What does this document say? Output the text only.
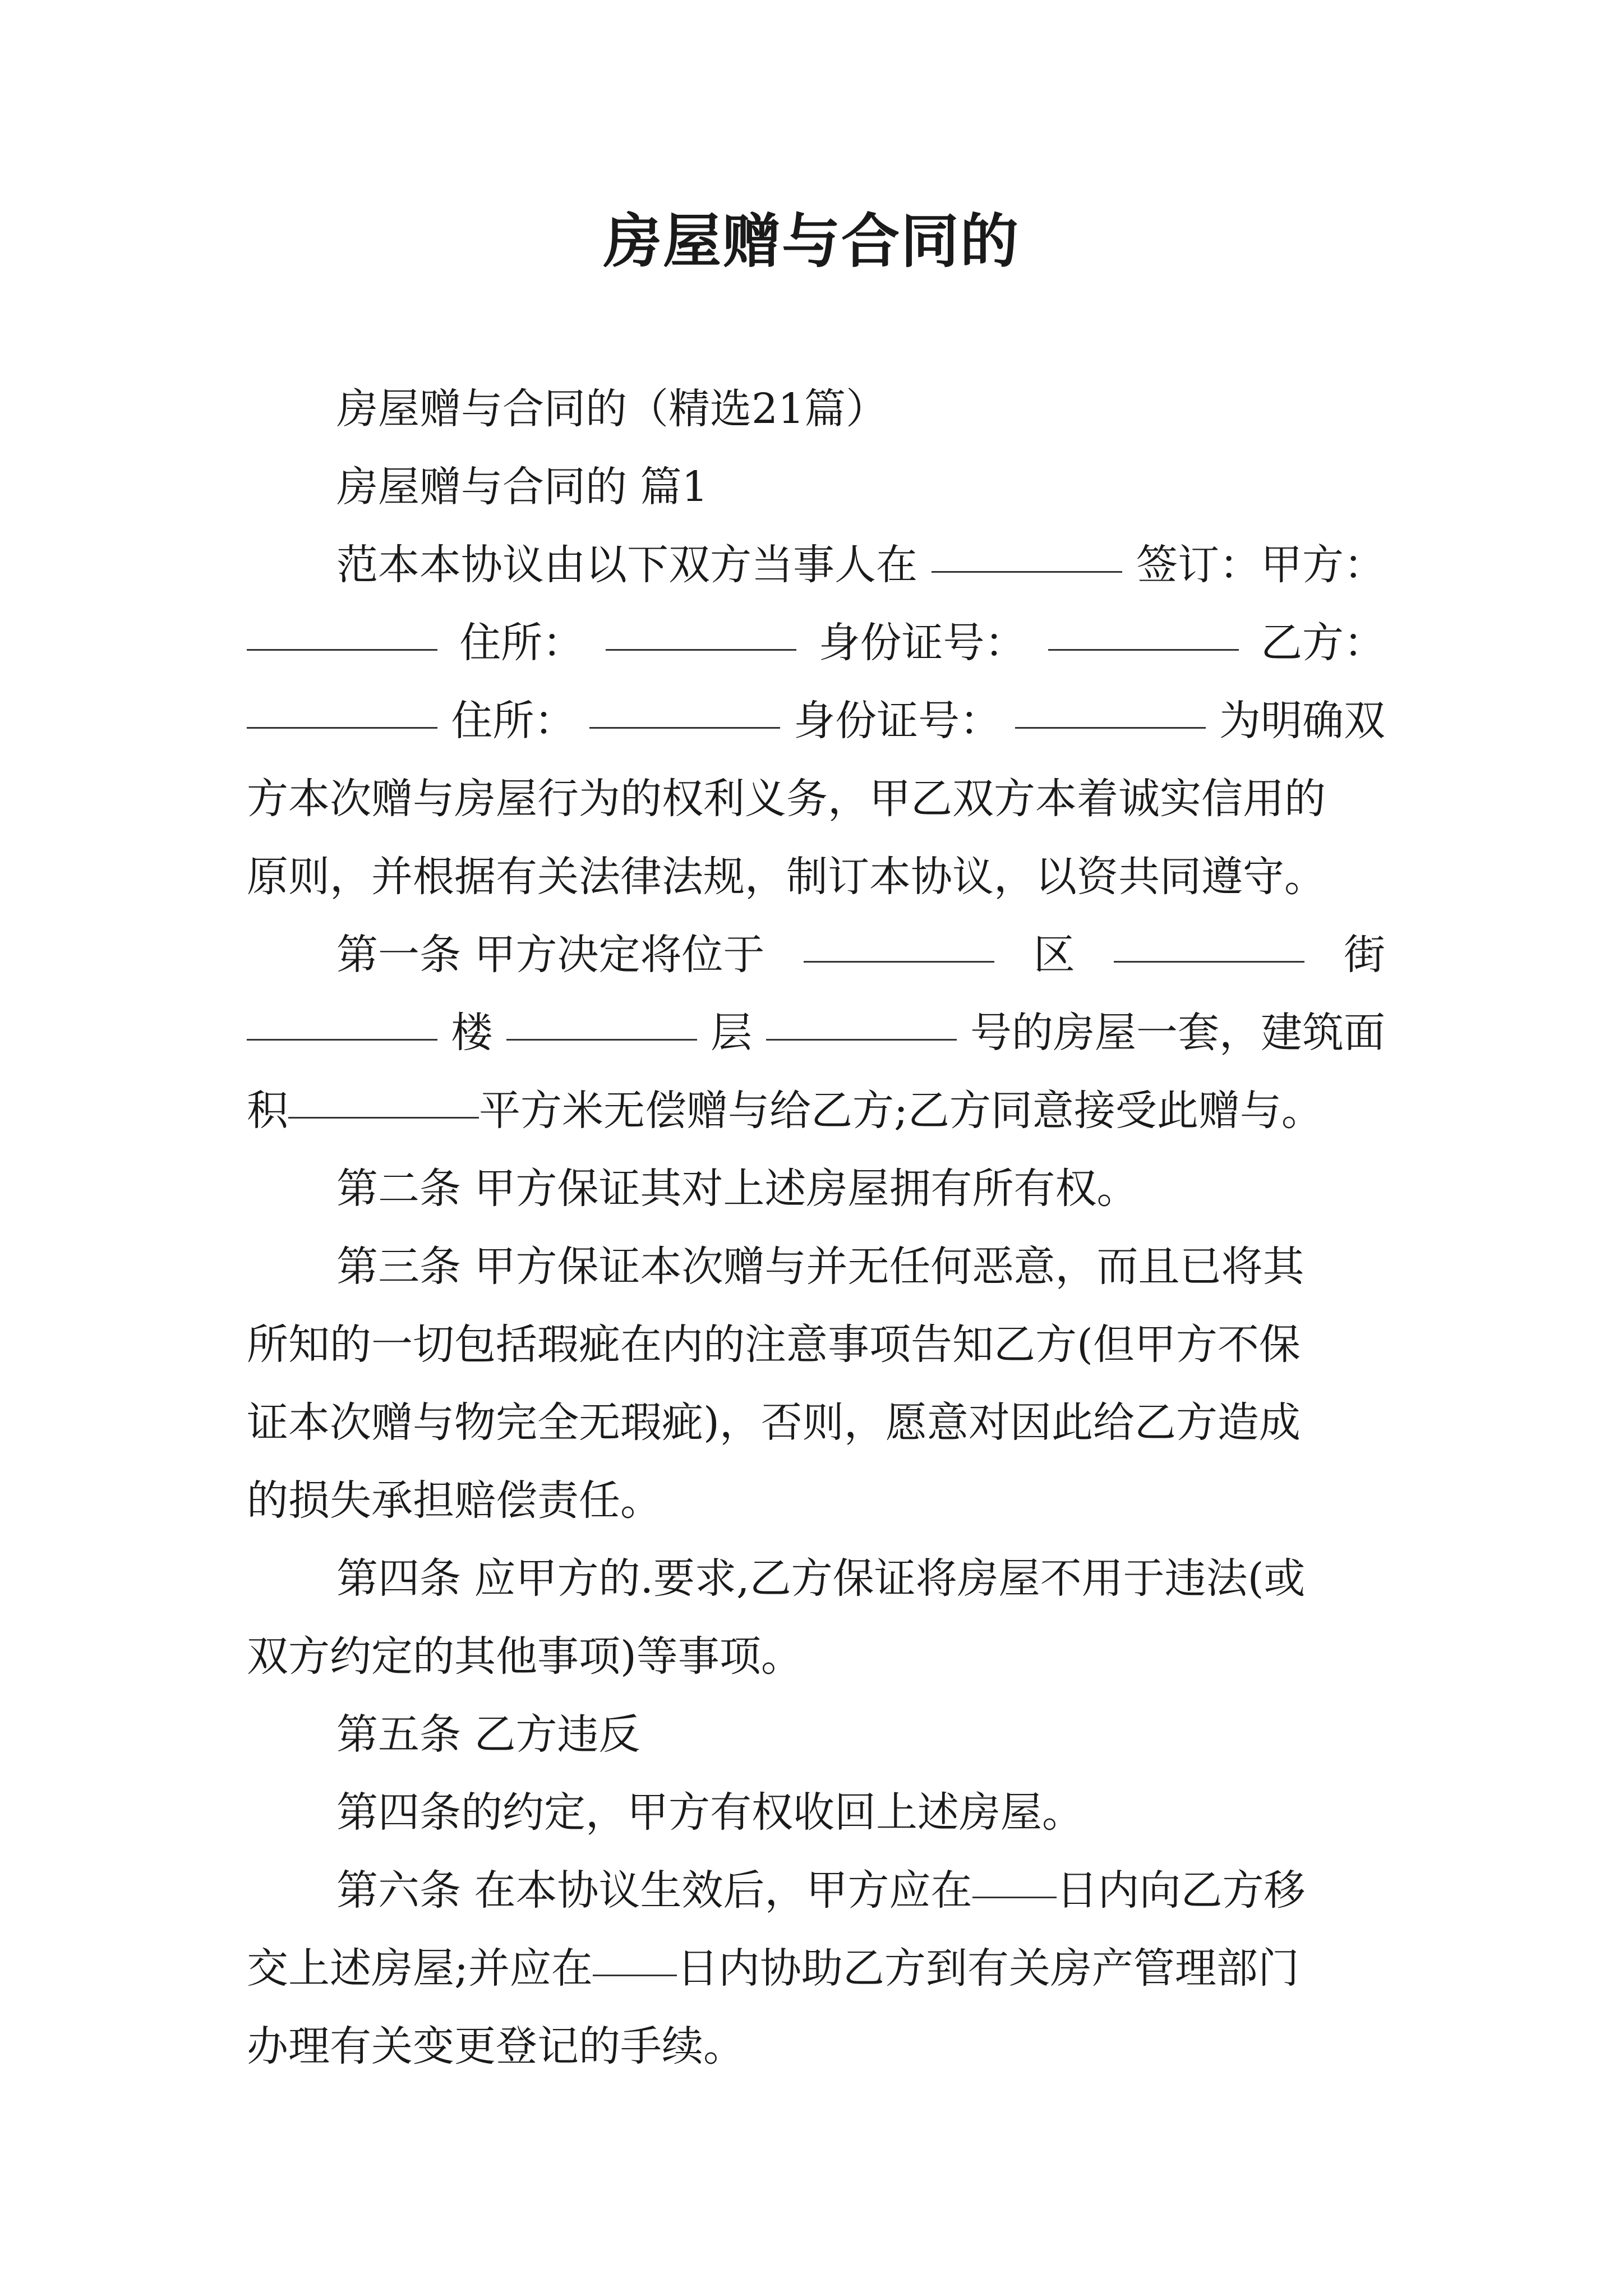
房屋赠与合同的
房屋赠与合同的（精选21篇）
房屋赠与合同的 篇1
范本本协议由以下双方当事人在	签订：甲方：
住所：	身份证号：	乙方：
住所：	身份证号：	为明确双
方本次赠与房屋行为的权利义务，甲乙双方本着诚实信用的
原则，并根据有关法律法规，制订本协议，以资共同遵守。
第一条 甲方决定将位于	区	街
楼	层	号的房屋一套，建筑面
积	平方米无偿赠与给乙方;乙方同意接受此赠与。
第二条 甲方保证其对上述房屋拥有所有权。
第三条 甲方保证本次赠与并无任何恶意，而且已将其
所知的一切包括瑕疵在内的注意事项告知乙方(但甲方不保
证本次赠与物完全无瑕疵)，否则，愿意对因此给乙方造成
的损失承担赔偿责任。
第四条 应甲方的.要求,乙方保证将房屋不用于违法(或
双方约定的其他事项)等事项。
第五条 乙方违反
第四条的约定，甲方有权收回上述房屋。
第六条 在本协议生效后，甲方应在 日内向乙方移
交上述房屋;并应在 日内协助乙方到有关房产管理部门
办理有关变更登记的手续。
